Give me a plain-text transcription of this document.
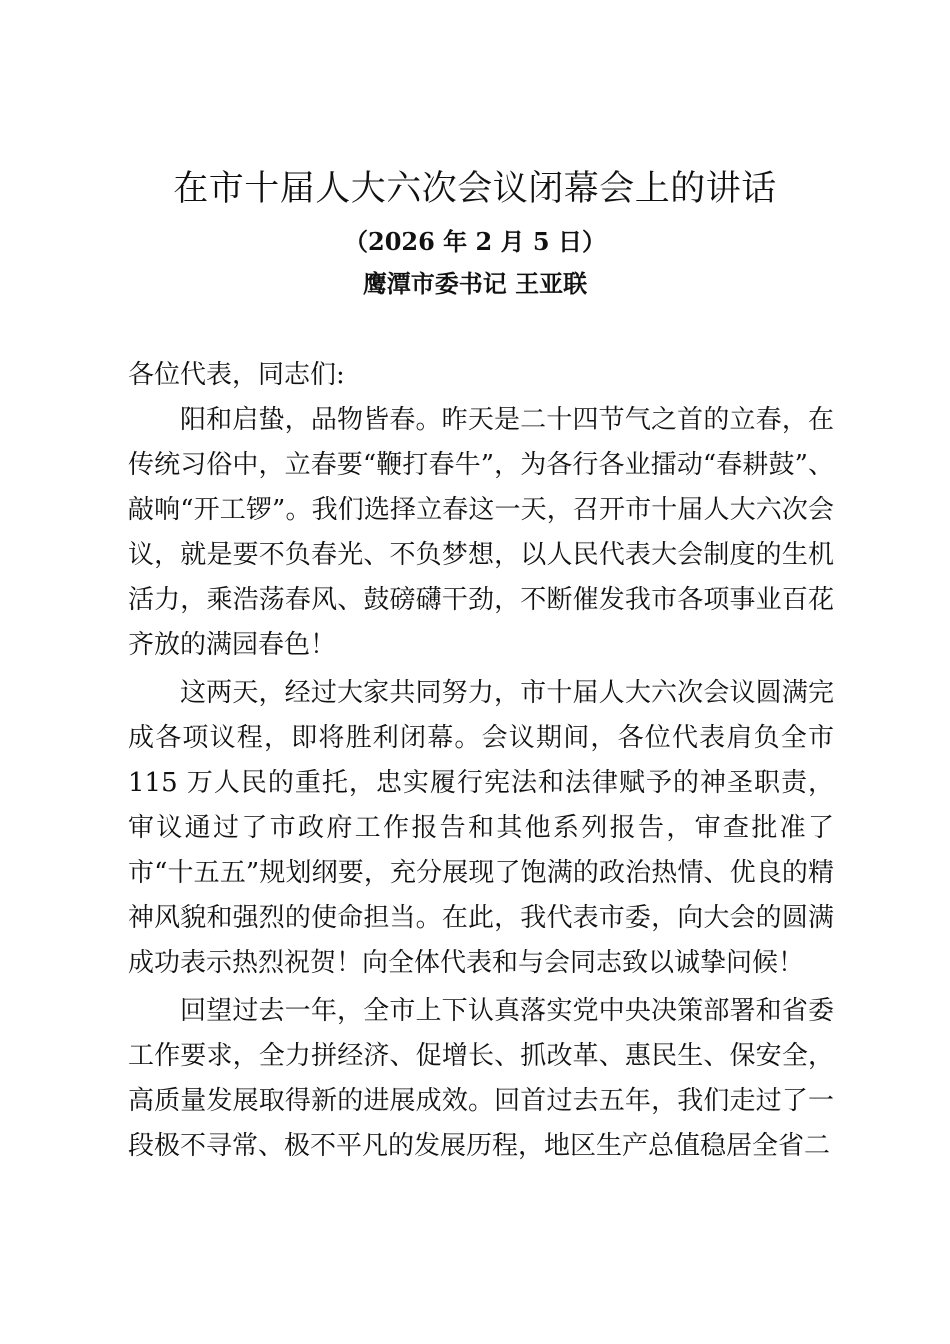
在市十届人大六次会议闭幕会上的讲话
（2026 年 2 月 5 日）
鹰潭市委书记 王亚联

各位代表，同志们:

阳和启蛰，品物皆春。昨天是二十四节气之首的立春，在传统习俗中，立春要“鞭打春牛”，为各行各业擂动“春耕鼓”、敲响“开工锣”。我们选择立春这一天，召开市十届人大六次会议，就是要不负春光、不负梦想，以人民代表大会制度的生机活力，乘浩荡春风、鼓磅礴干劲，不断催发我市各项事业百花齐放的满园春色！

这两天，经过大家共同努力，市十届人大六次会议圆满完成各项议程，即将胜利闭幕。会议期间，各位代表肩负全市 115 万人民的重托，忠实履行宪法和法律赋予的神圣职责，审议通过了市政府工作报告和其他系列报告，审查批准了市“十五五”规划纲要，充分展现了饱满的政治热情、优良的精神风貌和强烈的使命担当。在此，我代表市委，向大会的圆满成功表示热烈祝贺！向全体代表和与会同志致以诚挚问候！

回望过去一年，全市上下认真落实党中央决策部署和省委工作要求，全力拼经济、促增长、抓改革、惠民生、保安全，高质量发展取得新的进展成效。回首过去五年，我们走过了一段极不寻常、极不平凡的发展历程，地区生产总值稳居全省二
